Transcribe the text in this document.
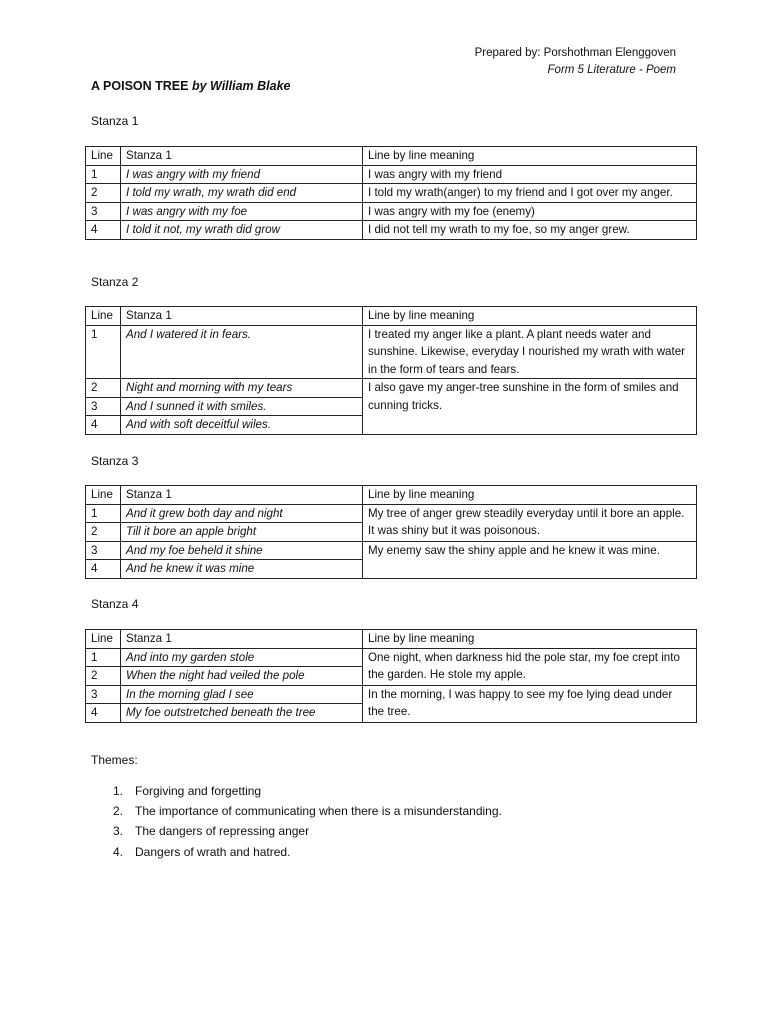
Prepared by: Porshothman Elenggoven
Form 5 Literature - Poem
A POISON TREE by William Blake
Stanza 1
Line	Stanza 1	Line by line meaning
1	I was angry with my friend	I was angry with my friend
2	I told my wrath, my wrath did end	I told my wrath(anger) to my friend and I got over my anger.
3	I was angry with my foe	I was angry with my foe (enemy)
4	I told it not, my wrath did grow	I did not tell my wrath to my foe, so my anger grew.
Stanza 2
Line	Stanza 1	Line by line meaning
1	And I watered it in fears.	I treated my anger like a plant. A plant needs water and sunshine. Likewise, everyday I nourished my wrath with water in the form of tears and fears.
2	Night and morning with my tears	I also gave my anger-tree sunshine in the form of smiles and cunning tricks.
3	And I sunned it with smiles.	
4	And with soft deceitful wiles.	
Stanza 3
Line	Stanza 1	Line by line meaning
1	And it grew both day and night	My tree of anger grew steadily everyday until it bore an apple. It was shiny but it was poisonous.
2	Till it bore an apple bright	
3	And my foe beheld it shine	My enemy saw the shiny apple and he knew it was mine.
4	And he knew it was mine	
Stanza 4
Line	Stanza 1	Line by line meaning
1	And into my garden stole	One night, when darkness hid the pole star, my foe crept into the garden. He stole my apple.
2	When the night had veiled the pole	
3	In the morning glad I see	In the morning, I was happy to see my foe lying dead under the tree.
4	My foe outstretched beneath the tree	
Themes:
1. Forgiving and forgetting
2. The importance of communicating when there is a misunderstanding.
3. The dangers of repressing anger
4. Dangers of wrath and hatred.
